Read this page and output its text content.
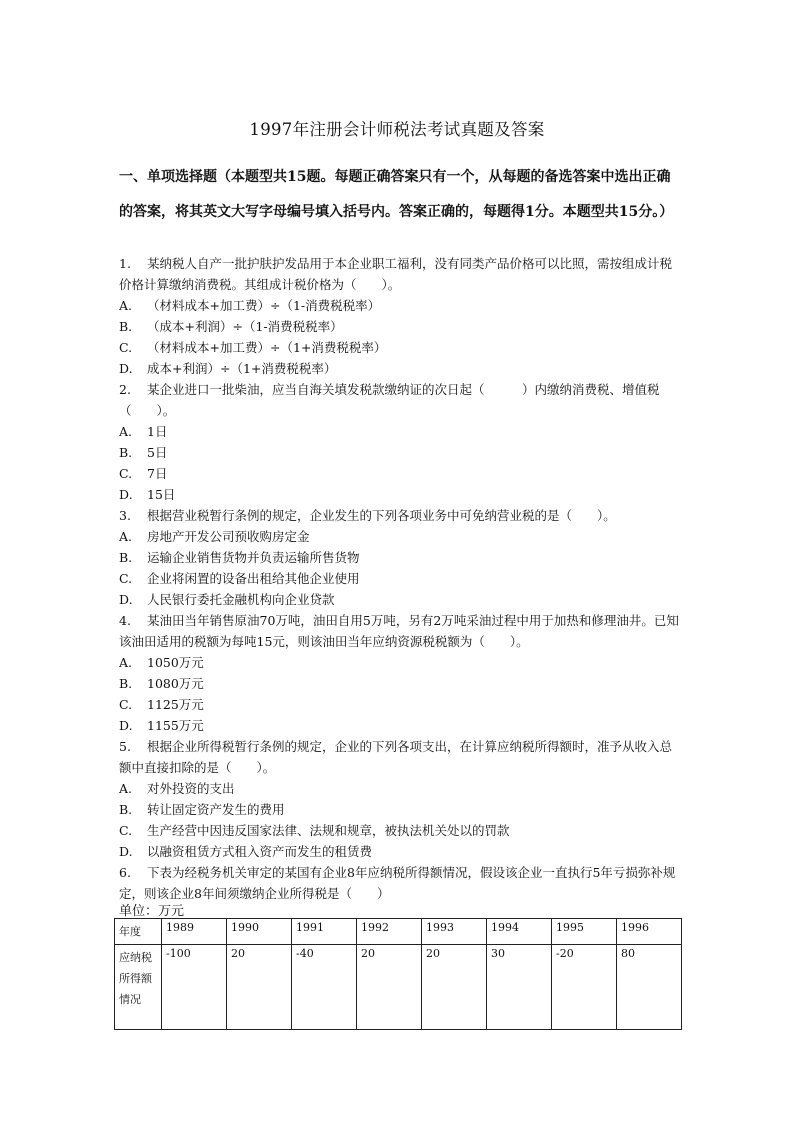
1997年注册会计师税法考试真题及答案
一、单项选择题（本题型共15题。每题正确答案只有一个，从每题的备选答案中选出正确的答案，将其英文大写字母编号填入括号内。答案正确的，每题得1分。本题型共15分。）
1. 某纳税人自产一批护肤护发品用于本企业职工福利，没有同类产品价格可以比照，需按组成计税价格计算缴纳消费税。其组成计税价格为（　　）。
A.	（材料成本+加工费）÷（1-消费税税率）
B.	（成本+利润）÷（1-消费税税率）
C.	（材料成本+加工费）÷（1+消费税税率）
D.	成本+利润）÷（1+消费税税率）
2. 某企业进口一批柴油，应当自海关填发税款缴纳证的次日起（　　　）内缴纳消费税、增值税（　　）。
A.	1日
B.	5日
C.	7日
D.	15日
3. 根据营业税暂行条例的规定，企业发生的下列各项业务中可免纳营业税的是（　　）。
A.	房地产开发公司预收购房定金
B.	运输企业销售货物并负责运输所售货物
C.	企业将闲置的设备出租给其他企业使用
D.	人民银行委托金融机构向企业贷款
4. 某油田当年销售原油70万吨，油田自用5万吨，另有2万吨采油过程中用于加热和修理油井。已知该油田适用的税额为每吨15元，则该油田当年应纳资源税税额为（　　）。
A.	1050万元
B.	1080万元
C.	1125万元
D.	1155万元
5. 根据企业所得税暂行条例的规定，企业的下列各项支出，在计算应纳税所得额时，准予从收入总额中直接扣除的是（　　）。
A.	对外投资的支出
B.	转让固定资产发生的费用
C.	生产经营中因违反国家法律、法规和规章，被执法机关处以的罚款
D.	以融资租赁方式租入资产而发生的租赁费
6. 下表为经税务机关审定的某国有企业8年应纳税所得额情况，假设该企业一直执行5年亏损弥补规定，则该企业8年间须缴纳企业所得税是（　　）
单位：万元
年度	1989	1990	1991	1992	1993	1994	1995	1996
应纳税所得额情况	-100	20	-40	20	20	30	-20	80
